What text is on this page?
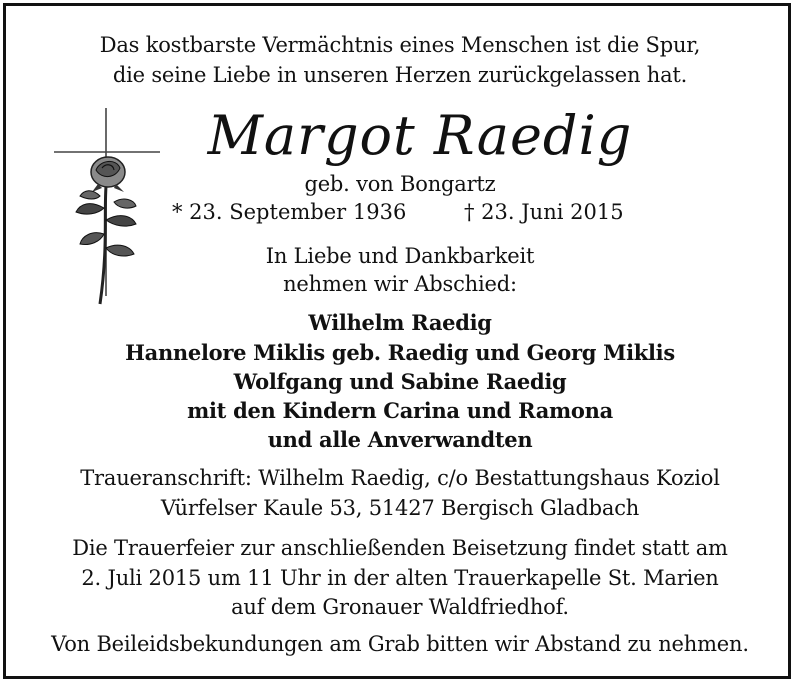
Das kostbarste Vermächtnis eines Menschen ist die Spur,
die seine Liebe in unseren Herzen zurückgelassen hat.
Margot Raedig
geb. von Bongartz
* 23. September 1936	† 23. Juni 2015
In Liebe und Dankbarkeit
nehmen wir Abschied:
Wilhelm Raedig
Hannelore Miklis geb. Raedig und Georg Miklis
Wolfgang und Sabine Raedig
mit den Kindern Carina und Ramona
und alle Anverwandten
Traueranschrift: Wilhelm Raedig, c/o Bestattungshaus Koziol
Vürfelser Kaule 53, 51427 Bergisch Gladbach
Die Trauerfeier zur anschließenden Beisetzung findet statt am
2. Juli 2015 um 11 Uhr in der alten Trauerkapelle St. Marien
auf dem Gronauer Waldfriedhof.
Von Beileidsbekundungen am Grab bitten wir Abstand zu nehmen.
